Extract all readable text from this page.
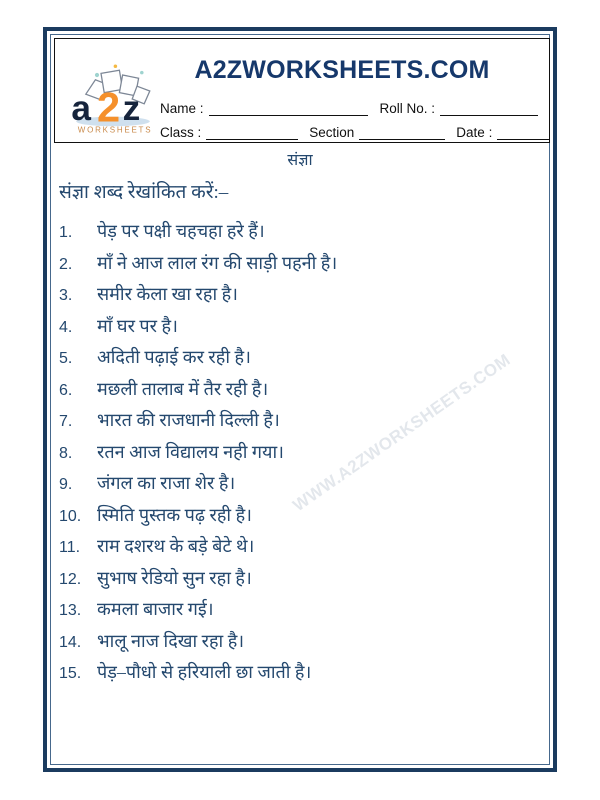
A2ZWORKSHEETS.COM
a 2 z
WORKSHEETS
Name :	Roll No. :
Class :	Section	Date :
संज्ञा
संज्ञा शब्द रेखांकित करें:–
1.	पेड़ पर पक्षी चहचहा हरे हैं।
2.	माँ ने आज लाल रंग की साड़ी पहनी है।
3.	समीर केला खा रहा है।
4.	माँ घर पर है।
5.	अदिती पढ़ाई कर रही है।
6.	मछली तालाब में तैर रही है।
7.	भारत की राजधानी दिल्ली है।
8.	रतन आज विद्यालय नही गया।
9.	जंगल का राजा शेर है।
10. स्मिति पुस्तक पढ़ रही है।
11. राम दशरथ के बड़े बेटे थे।
12. सुभाष रेडियो सुन रहा है।
13. कमला बाजार गई।
14. भालू नाज दिखा रहा है।
15. पेड़–पौधो से हरियाली छा जाती है।
WWW.A2ZWORKSHEETS.COM
